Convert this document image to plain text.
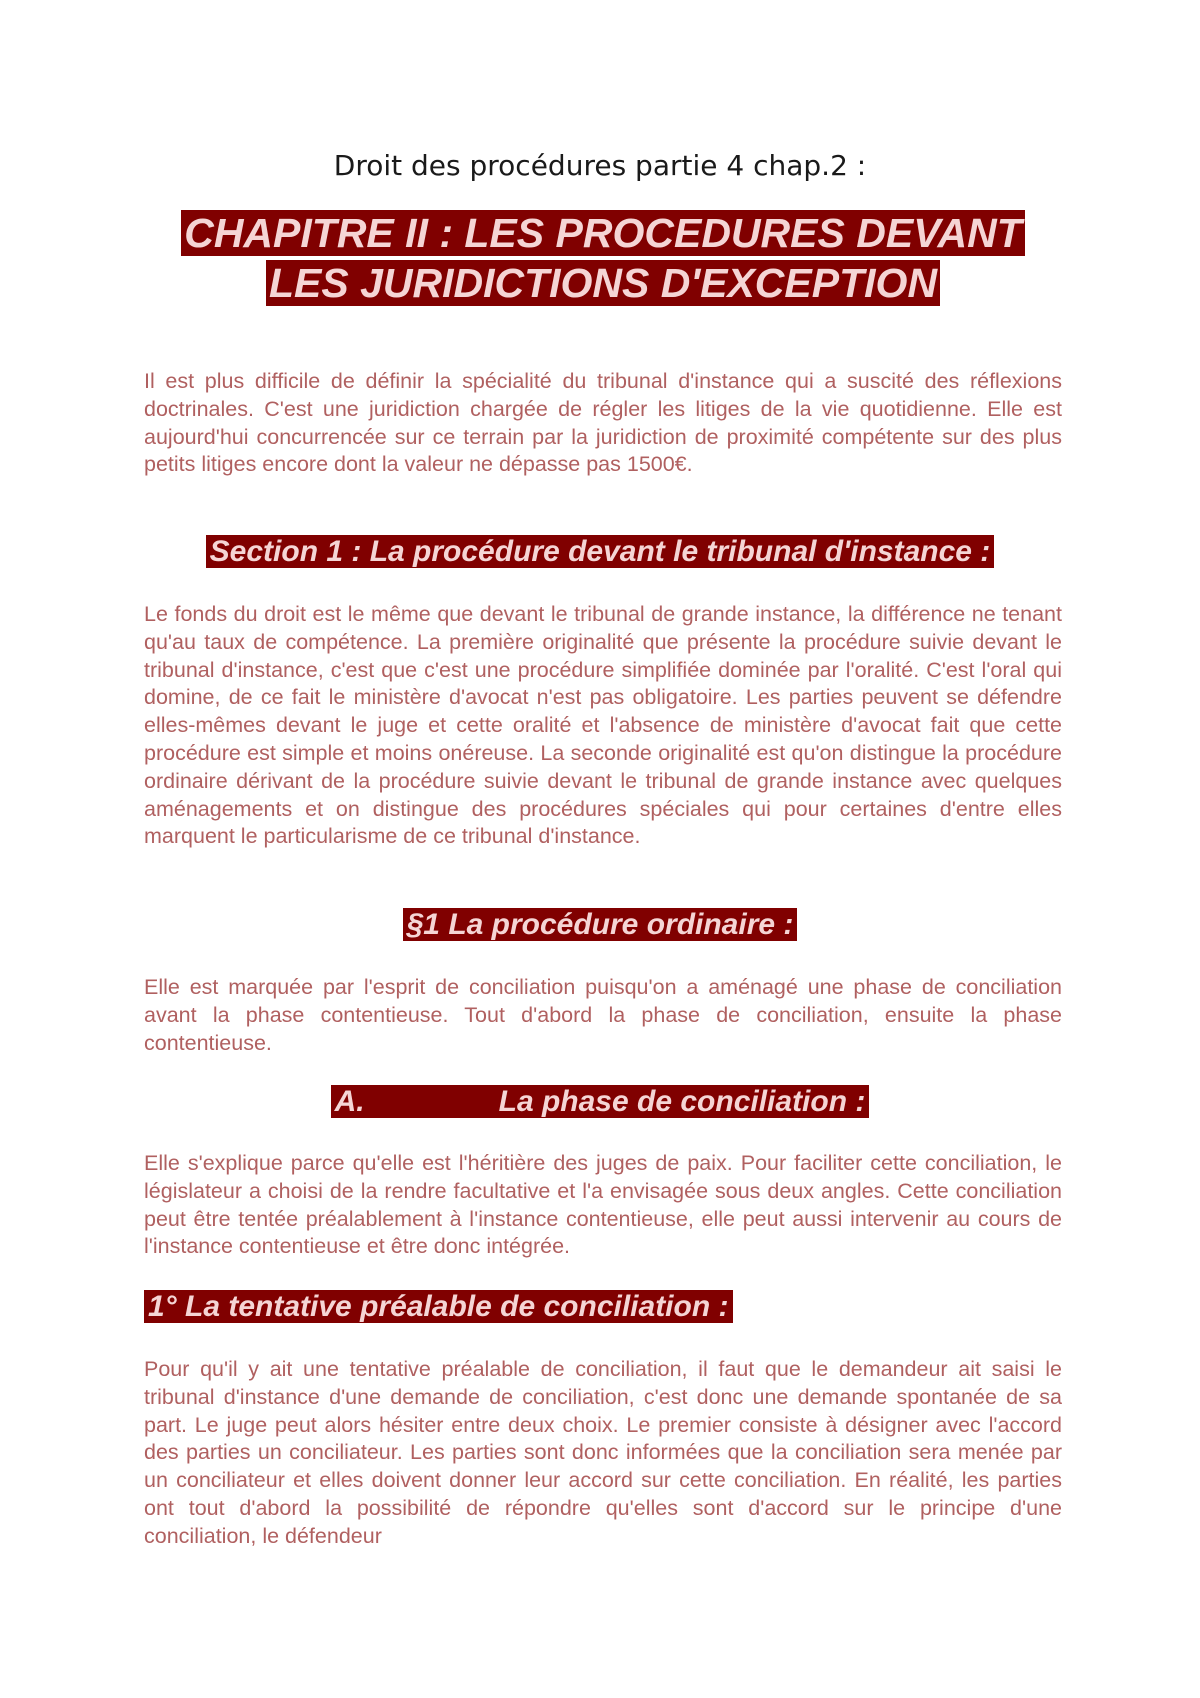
Droit des procédures partie 4 chap.2 :
CHAPITRE II : LES PROCEDURES DEVANT
LES JURIDICTIONS D'EXCEPTION

Il est plus difficile de définir la spécialité du tribunal d'instance qui a suscité des réflexions doctrinales. C'est une juridiction chargée de régler les litiges de la vie quotidienne. Elle est aujourd'hui concurrencée sur ce terrain par la juridiction de proximité compétente sur des plus petits litiges encore dont la valeur ne dépasse pas 1500€.

Section 1 : La procédure devant le tribunal d'instance :

Le fonds du droit est le même que devant le tribunal de grande instance, la différence ne tenant qu'au taux de compétence. La première originalité que présente la procédure suivie devant le tribunal d'instance, c'est que c'est une procédure simplifiée dominée par l'oralité. C'est l'oral qui domine, de ce fait le ministère d'avocat n'est pas obligatoire. Les parties peuvent se défendre elles-mêmes devant le juge et cette oralité et l'absence de ministère d'avocat fait que cette procédure est simple et moins onéreuse. La seconde originalité est qu'on distingue la procédure ordinaire dérivant de la procédure suivie devant le tribunal de grande instance avec quelques aménagements et on distingue des procédures spéciales qui pour certaines d'entre elles marquent le particularisme de ce tribunal d'instance.

§1 La procédure ordinaire :

Elle est marquée par l'esprit de conciliation puisqu'on a aménagé une phase de conciliation avant la phase contentieuse. Tout d'abord la phase de conciliation, ensuite la phase contentieuse.

A.	La phase de conciliation :

Elle s'explique parce qu'elle est l'héritière des juges de paix. Pour faciliter cette conciliation, le législateur a choisi de la rendre facultative et l'a envisagée sous deux angles. Cette conciliation peut être tentée préalablement à l'instance contentieuse, elle peut aussi intervenir au cours de l'instance contentieuse et être donc intégrée.

1° La tentative préalable de conciliation :

Pour qu'il y ait une tentative préalable de conciliation, il faut que le demandeur ait saisi le tribunal d'instance d'une demande de conciliation, c'est donc une demande spontanée de sa part. Le juge peut alors hésiter entre deux choix. Le premier consiste à désigner avec l'accord des parties un conciliateur. Les parties sont donc informées que la conciliation sera menée par un conciliateur et elles doivent donner leur accord sur cette conciliation. En réalité, les parties ont tout d'abord la possibilité de répondre qu'elles sont d'accord sur le principe d'une conciliation, le défendeur
